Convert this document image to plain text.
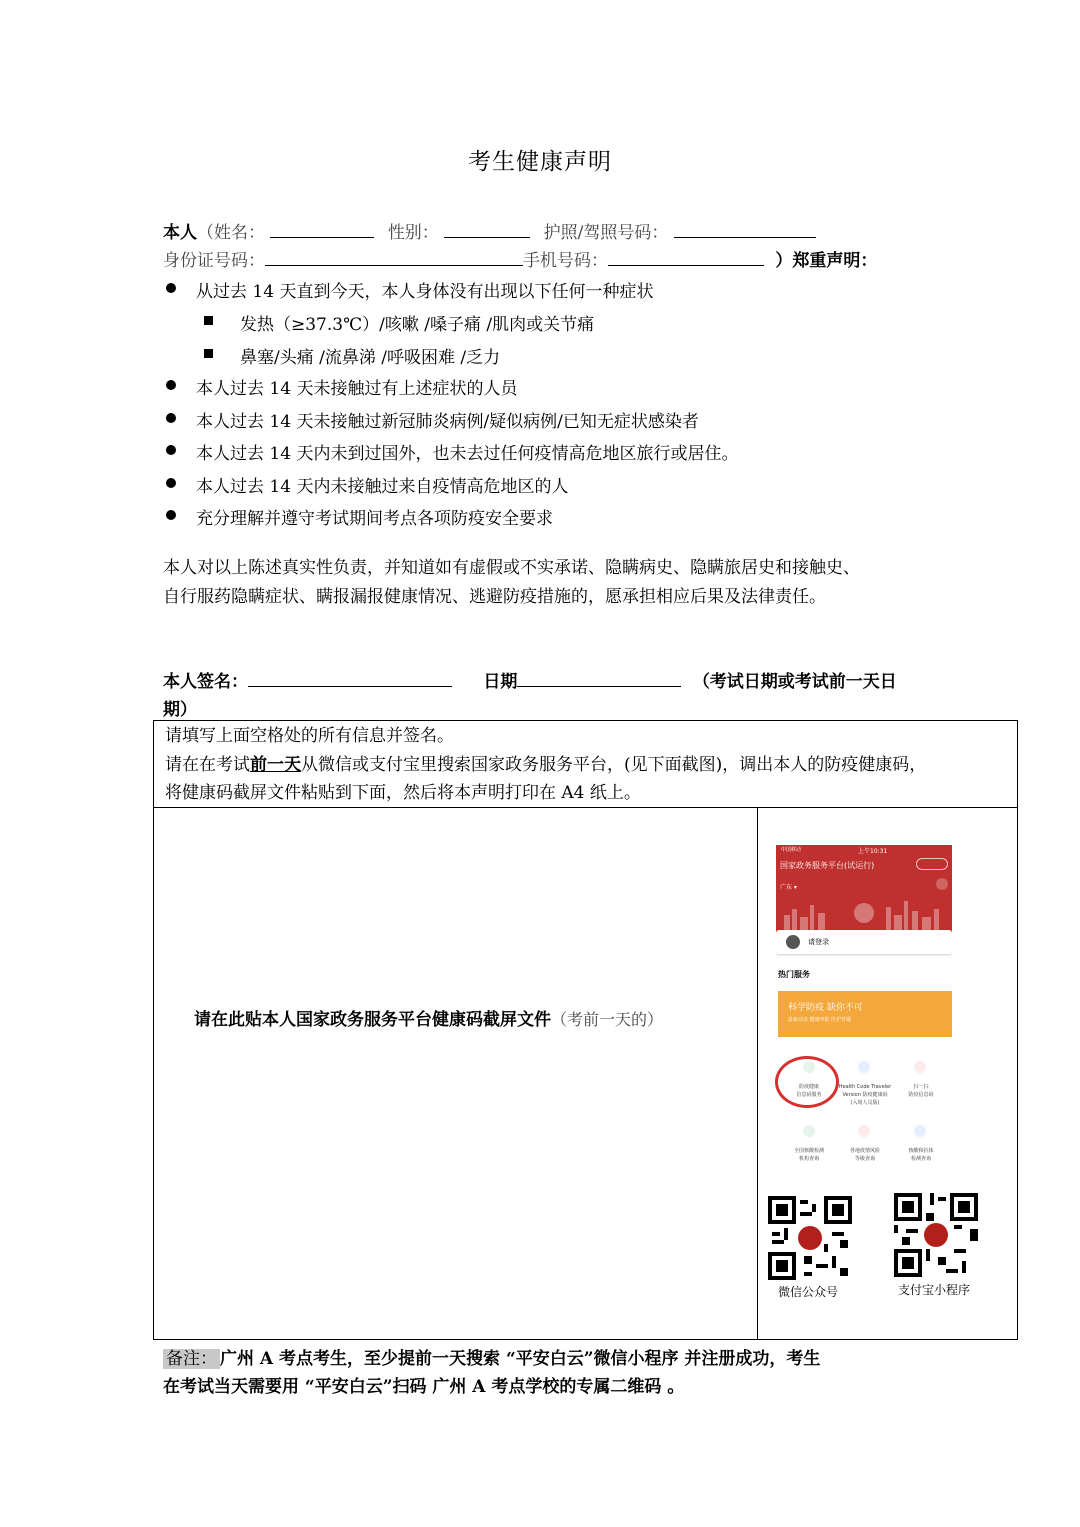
考生健康声明
本人（姓名：	性别：	护照/驾照号码：
身份证号码：	手机号码：	）郑重声明：
从过去 14 天直到今天，本人身体没有出现以下任何一种症状
发热（≥37.3℃）/咳嗽 /嗓子痛 /肌肉或关节痛
鼻塞/头痛 /流鼻涕 /呼吸困难 /乏力
本人过去 14 天未接触过有上述症状的人员
本人过去 14 天未接触过新冠肺炎病例/疑似病例/已知无症状感染者
本人过去 14 天内未到过国外，也未去过任何疫情高危地区旅行或居住。
本人过去 14 天内未接触过来自疫情高危地区的人
充分理解并遵守考试期间考点各项防疫安全要求
本人对以上陈述真实性负责，并知道如有虚假或不实承诺、隐瞒病史、隐瞒旅居史和接触史、
自行服药隐瞒症状、瞒报漏报健康情况、逃避防疫措施的，愿承担相应后果及法律责任。
本人签名：	日期	（考试日期或考试前一天日
期）
请填写上面空格处的所有信息并签名。
请在在考试前一天从微信或支付宝里搜索国家政务服务平台，(见下面截图)，调出本人的防疫健康码，
将健康码截屏文件粘贴到下面，然后将本声明打印在 A4 纸上。
请在此贴本人国家政务服务平台健康码截屏文件（考前一天的）
中国移动	上午10:31
国家政务服务平台(试运行)
广东 ▾
请登录
热门服务
科学防疫 缺你不可
最新动态 健康申报 医护答疑
防疫健康
信息码服务
Health Code Traveler
Version 防疫健康码
(入境人员版)
扫一扫
防疫信息码
全国核酸检测
机构查询
各地疫情风险
等级查询
核酸和抗体
检测查询
微信公众号	支付宝小程序
备注： 广州 A 考点考生，至少提前一天搜索 “平安白云”微信小程序 并注册成功，考生
在考试当天需要用 “平安白云”扫码 广州 A 考点学校的专属二维码 。
